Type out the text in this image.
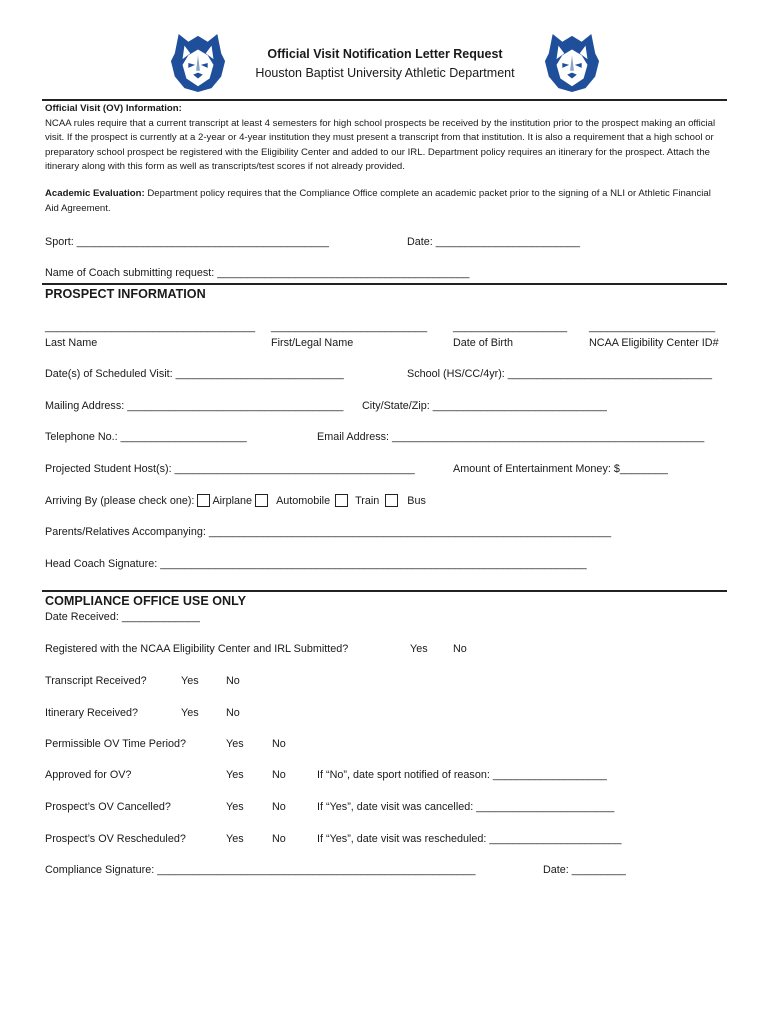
Official Visit Notification Letter Request
Houston Baptist University Athletic Department
Official Visit (OV) Information:
NCAA rules require that a current transcript at least 4 semesters for high school prospects be received by the institution prior to the prospect making an official visit. If the prospect is currently at a 2-year or 4-year institution they must present a transcript from that institution. It is also a requirement that a high school or preparatory school prospect be registered with the Eligibility Center and added to our IRL. Department policy requires an itinerary for the prospect. Attach the itinerary along with this form as well as transcripts/test scores if not already provided.
Academic Evaluation: Department policy requires that the Compliance Office complete an academic packet prior to the signing of a NLI or Athletic Financial Aid Agreement.
Sport: __________________________________________	Date: ________________________
Name of Coach submitting request: __________________________________________
PROSPECT INFORMATION
___________________________________ __________________________ ___________________ _____________________
Last Name	First/Legal Name	Date of Birth	NCAA Eligibility Center ID#
Date(s) of Scheduled Visit: ____________________________	School (HS/CC/4yr): __________________________________
Mailing Address: ____________________________________ City/State/Zip: _____________________________
Telephone No.: _____________________	Email Address: ____________________________________________________
Projected Student Host(s): ________________________________________	Amount of Entertainment Money: $________
Arriving By (please check one): Airplane Automobile Train	Bus
Parents/Relatives Accompanying: ___________________________________________________________________
Head Coach Signature: _______________________________________________________________________
COMPLIANCE OFFICE USE ONLY
Date Received: _____________
Registered with the NCAA Eligibility Center and IRL Submitted?	Yes No
Transcript Received?	Yes	No
Itinerary Received?	Yes	No
Permissible OV Time Period?	Yes	No
Approved for OV?	Yes	No	If “No”, date sport notified of reason: ___________________
Prospect’s OV Cancelled?	Yes	No	If “Yes”, date visit was cancelled: _______________________
Prospect’s OV Rescheduled?	Yes	No	If “Yes”, date visit was rescheduled: ______________________
Compliance Signature: _____________________________________________________	Date: _________
